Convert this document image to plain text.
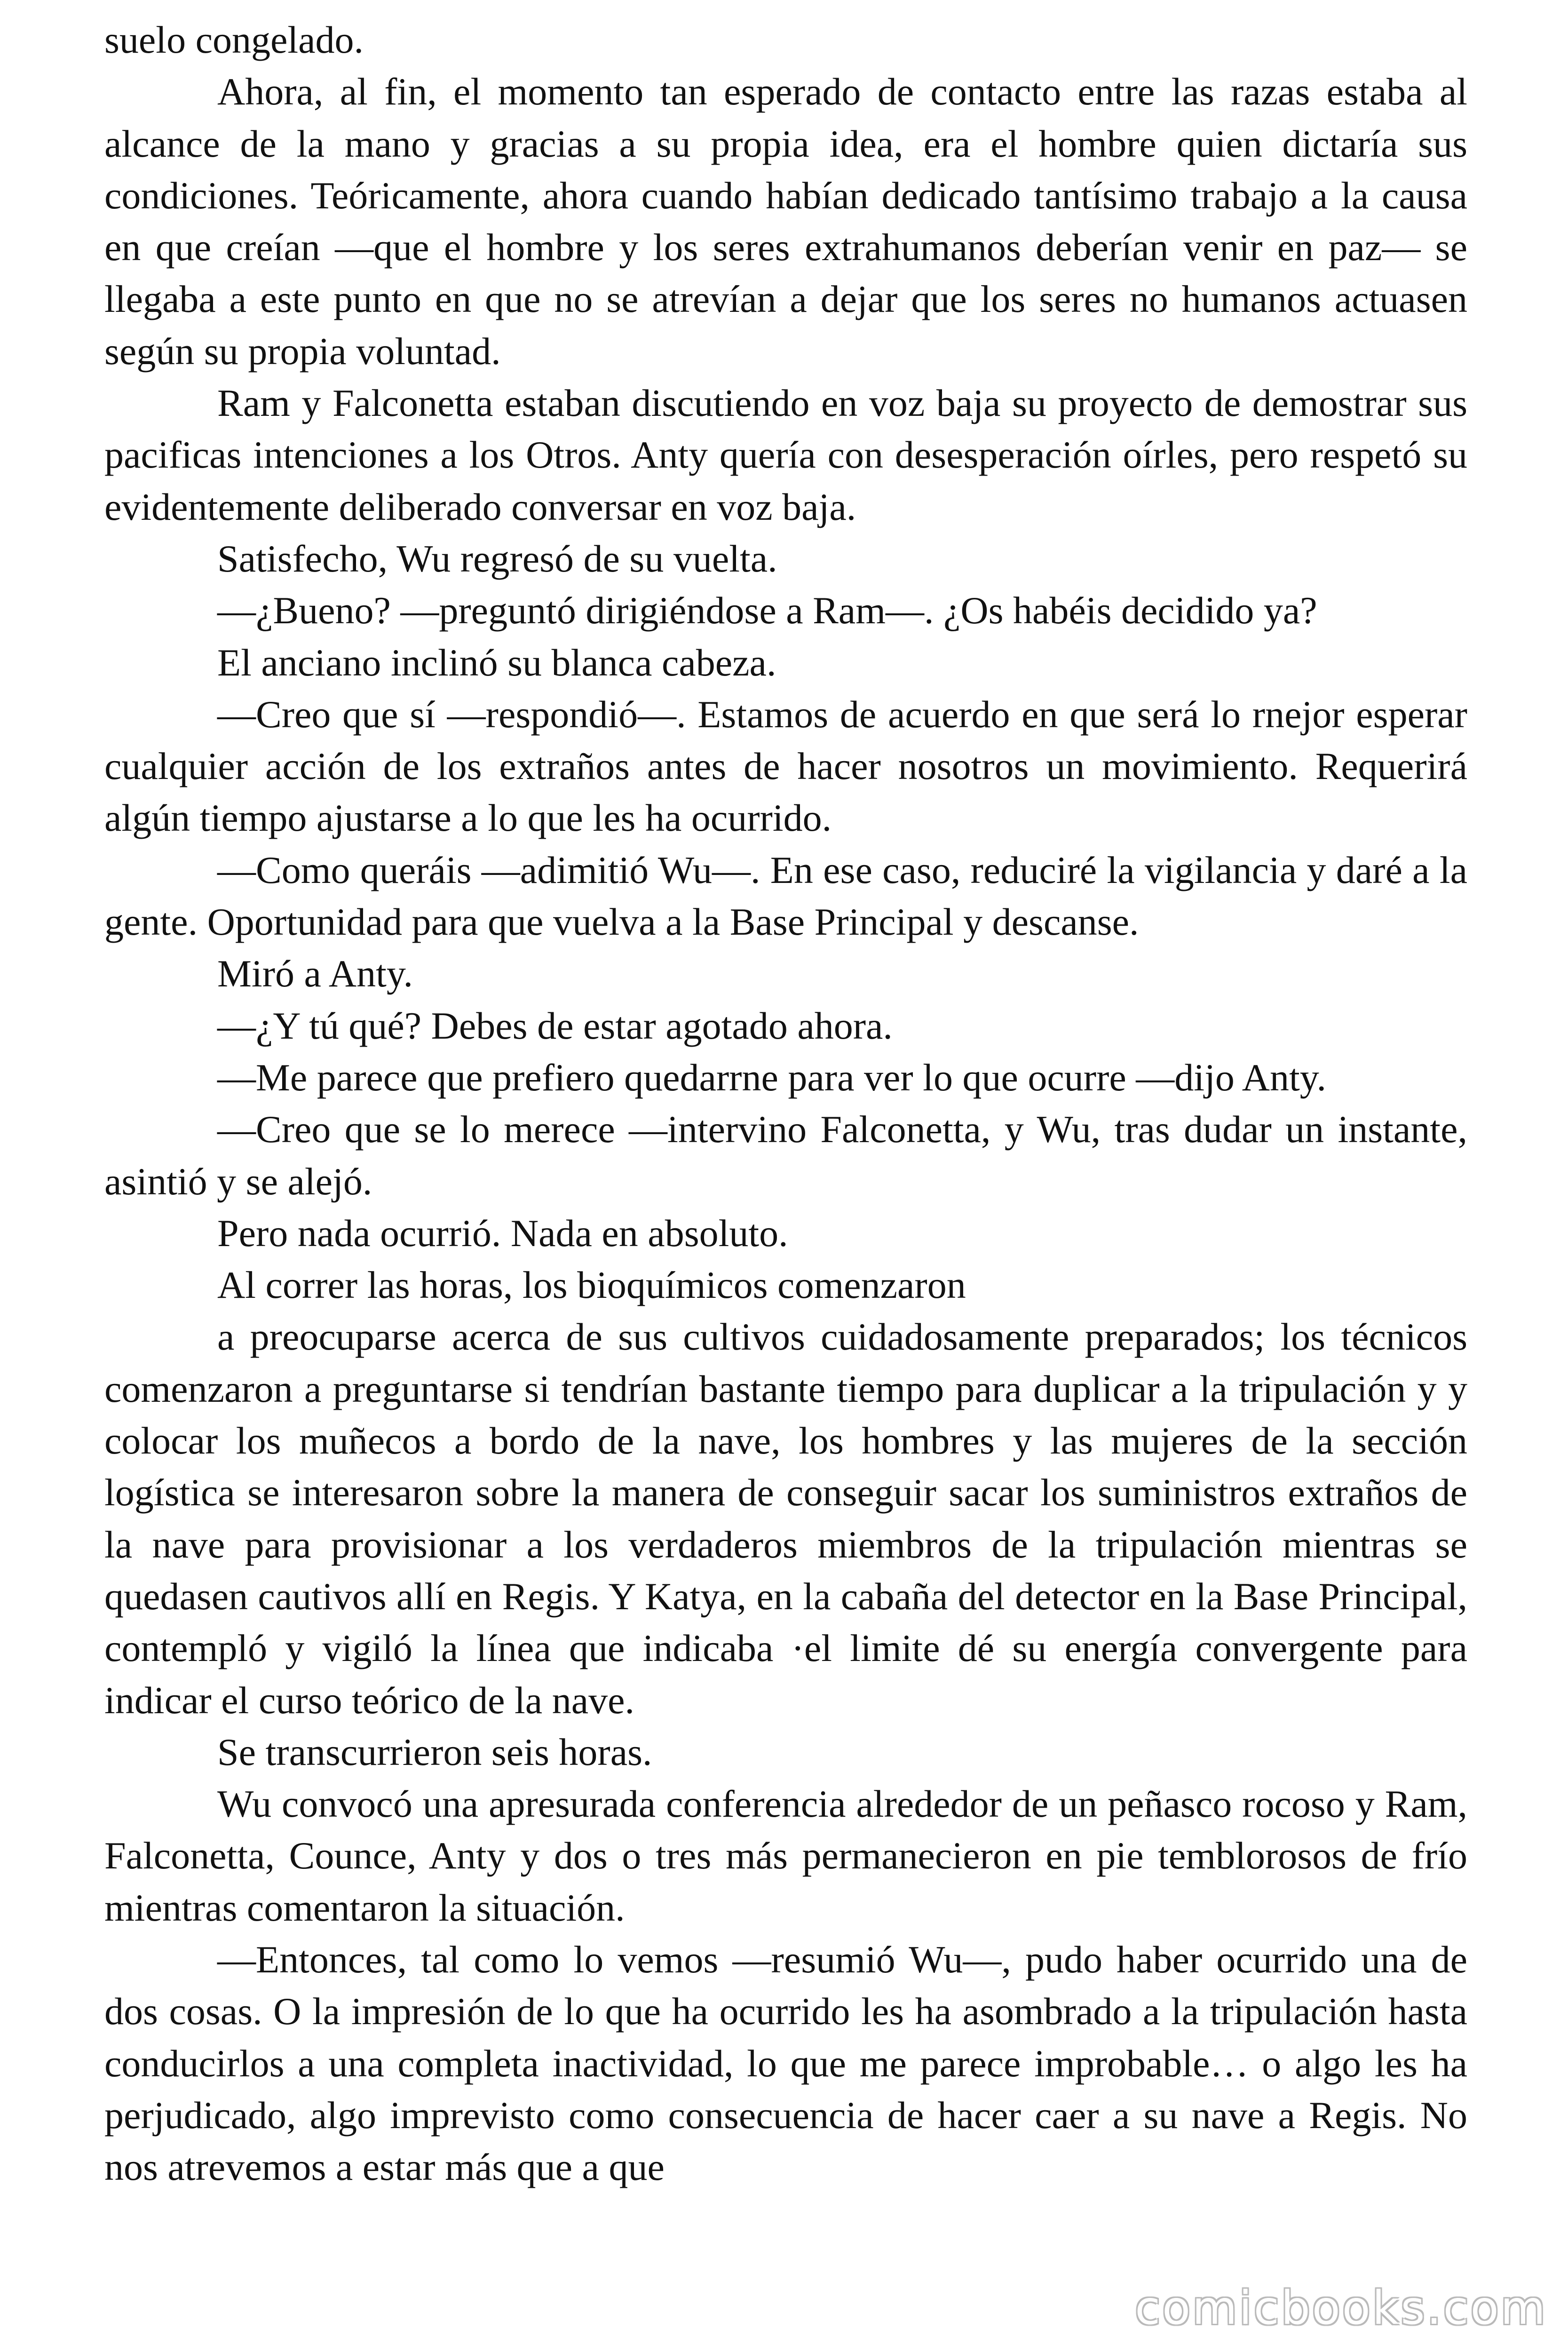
suelo congelado.

Ahora, al fin, el momento tan esperado de contacto entre las razas estaba al alcance de la mano y gracias a su propia idea, era el hombre quien dictaría sus condiciones. Teóricamente, ahora cuando habían dedicado tantísimo trabajo a la causa en que creían —que el hombre y los seres extrahumanos deberían venir en paz— se llegaba a este punto en que no se atrevían a dejar que los seres no humanos actuasen según su propia voluntad.

Ram y Falconetta estaban discutiendo en voz baja su proyecto de demostrar sus pacificas intenciones a los Otros. Anty quería con desesperación oírles, pero respetó su evidentemente deliberado conversar en voz baja.

Satisfecho, Wu regresó de su vuelta.

—¿Bueno? —preguntó dirigiéndose a Ram—. ¿Os habéis decidido ya?

El anciano inclinó su blanca cabeza.

—Creo que sí —respondió—. Estamos de acuerdo en que será lo rnejor esperar cualquier acción de los extraños antes de hacer nosotros un movimiento. Requerirá algún tiempo ajustarse a lo que les ha ocurrido.

—Como queráis —adimitió Wu—. En ese caso, reduciré la vigilancia y daré a la gente. Oportunidad para que vuelva a la Base Principal y descanse.

Miró a Anty.

—¿Y tú qué? Debes de estar agotado ahora.

—Me parece que prefiero quedarrne para ver lo que ocurre —dijo Anty.

—Creo que se lo merece —intervino Falconetta, y Wu, tras dudar un instante, asintió y se alejó.

Pero nada ocurrió. Nada en absoluto.

Al correr las horas, los bioquímicos comenzaron

a preocuparse acerca de sus cultivos cuidadosamente preparados; los técnicos comenzaron a preguntarse si tendrían bastante tiempo para duplicar a la tripulación y y colocar los muñecos a bordo de la nave, los hombres y las mujeres de la sección logística se interesaron sobre la manera de conseguir sacar los suministros extraños de la nave para provisionar a los verdaderos miembros de la tripulación mientras se quedasen cautivos allí en Regis. Y Katya, en la cabaña del detector en la Base Principal, contempló y vigiló la línea que indicaba ·el limite dé su energía convergente para indicar el curso teórico de la nave.

Se transcurrieron seis horas.

Wu convocó una apresurada conferencia alrededor de un peñasco rocoso y Ram, Falconetta, Counce, Anty y dos o tres más permanecieron en pie temblorosos de frío mientras comentaron la situación.

—Entonces, tal como lo vemos —resumió Wu—, pudo haber ocurrido una de dos cosas. O la impresión de lo que ha ocurrido les ha asombrado a la tripulación hasta conducirlos a una completa inactividad, lo que me parece improbable… o algo les ha perjudicado, algo imprevisto como consecuencia de hacer caer a su nave a Regis. No nos atrevemos a estar más que a que

comicbooks.com
